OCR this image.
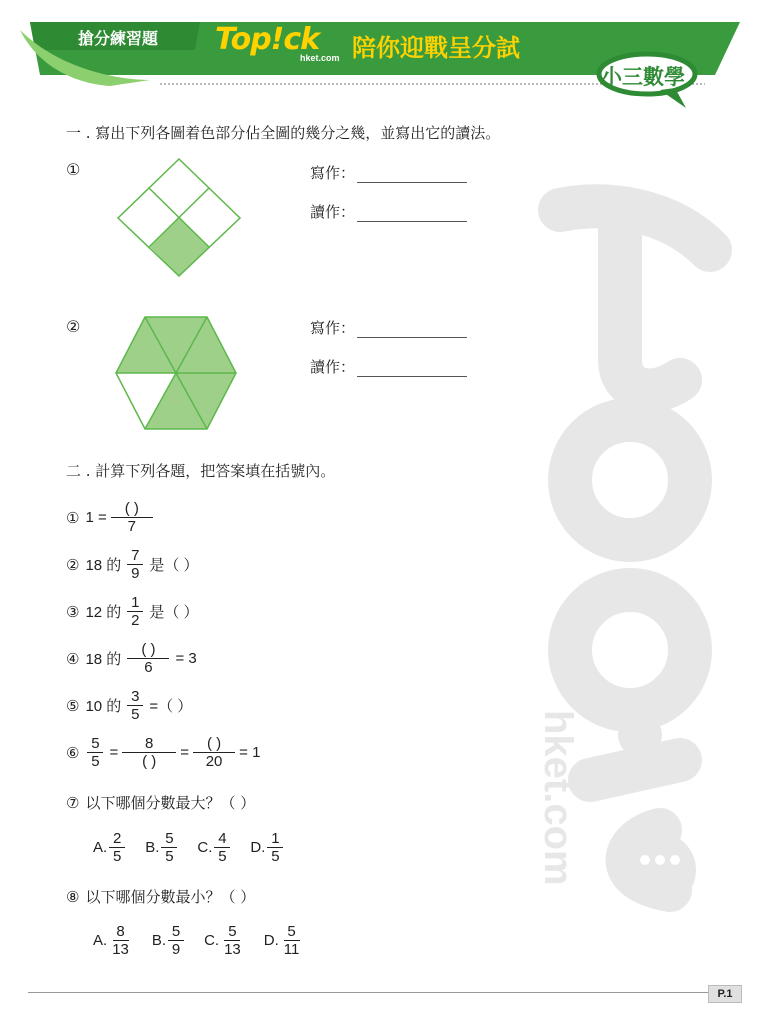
搶分練習題 Top!ck
hket.com 陪你迎戰呈分試
小三數學
hket.com
一 . 寫出下列各圖着色部分佔全圖的幾分之幾，並寫出它的讀法。
①	寫作：
讀作：
②	寫作：
讀作：
二 . 計算下列各題，把答案填在括號內。
① $1 = \frac{( )}{7}$
② 18 的 $\frac{7}{9}$ 是（ ）
③ 12 的 $\frac{1}{2}$ 是（ ）
④ 18 的 $\frac{( )}{6} = 3$
⑤ 10 的 $\frac{3}{5}$ =（ ）
⑥ $\frac{5}{5} = \frac{8}{( )} = \frac{( )}{20} = 1$
⑦ 以下哪個分數最大？（ ）
A. $\frac{2}{5} B$. $\frac{5}{5} C$. $\frac{4}{5} D$. $\frac{1}{5}$
⑧ 以下哪個分數最小？（ ）
A. $\frac{8}{13} B$. $\frac{5}{9} C$. $\frac{5}{13} D$. $\frac{5}{11}$
P.1
